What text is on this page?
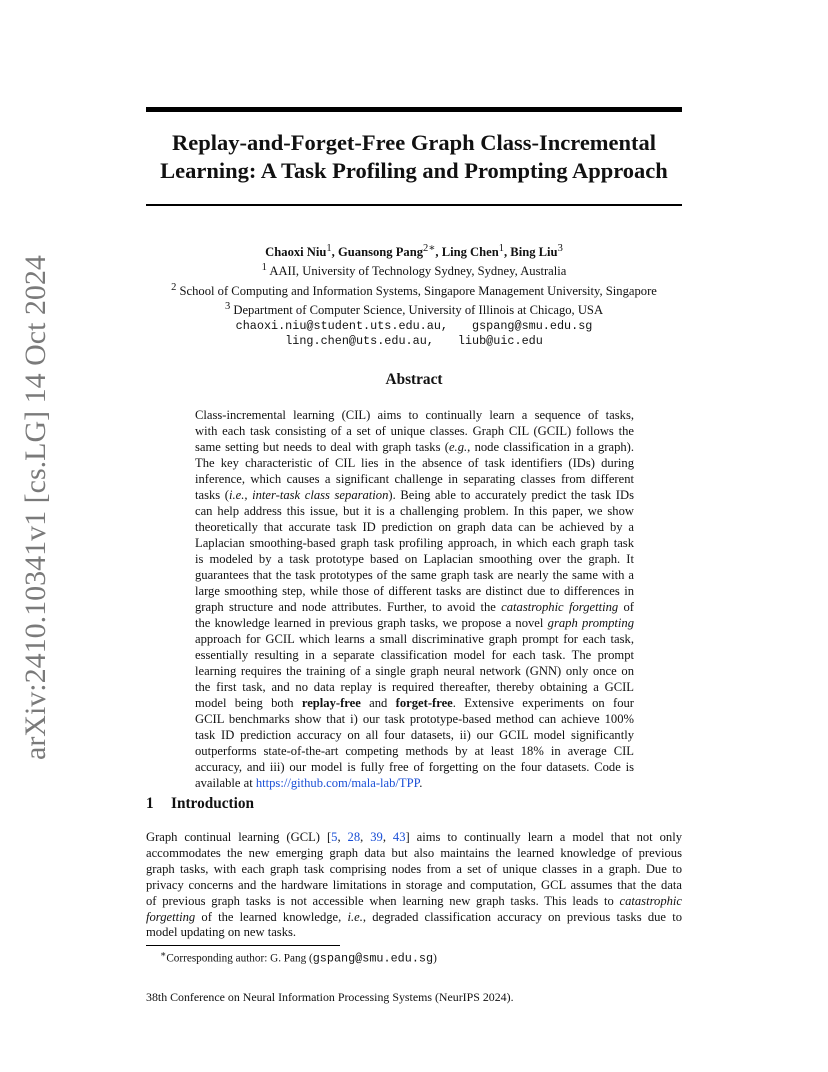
arXiv:2410.10341v1 [cs.LG] 14 Oct 2024
Replay-and-Forget-Free Graph Class-Incremental
Learning: A Task Profiling and Prompting Approach
Chaoxi Niu$^1$, Guansong Pang$^{2∗}$, Ling Chen$^1$, Bing Liu$^3$
$^1$ AAII, University of Technology Sydney, Sydney, Australia
$^2$ School of Computing and Information Systems, Singapore Management University, Singapore
$^3$ Department of Computer Science, University of Illinois at Chicago, USA
chaoxi.niu@student.uts.edu.au, gspang@smu.edu.sg
ling.chen@uts.edu.au, liub@uic.edu
Abstract
Class-incremental learning (CIL) aims to continually learn a sequence of tasks,
with each task consisting of a set of unique classes. Graph CIL (GCIL) follows the
same setting but needs to deal with graph tasks (e.g., node classification in a graph).
The key characteristic of CIL lies in the absence of task identifiers (IDs) during
inference, which causes a significant challenge in separating classes from different
tasks (i.e., inter-task class separation). Being able to accurately predict the task IDs
can help address this issue, but it is a challenging problem. In this paper, we show
theoretically that accurate task ID prediction on graph data can be achieved by a
Laplacian smoothing-based graph task profiling approach, in which each graph task
is modeled by a task prototype based on Laplacian smoothing over the graph. It
guarantees that the task prototypes of the same graph task are nearly the same with a
large smoothing step, while those of different tasks are distinct due to differences in
graph structure and node attributes. Further, to avoid the catastrophic forgetting of
the knowledge learned in previous graph tasks, we propose a novel graph prompting
approach for GCIL which learns a small discriminative graph prompt for each task,
essentially resulting in a separate classification model for each task. The prompt
learning requires the training of a single graph neural network (GNN) only once on
the first task, and no data replay is required thereafter, thereby obtaining a GCIL
model being both replay-free and forget-free. Extensive experiments on four
GCIL benchmarks show that i) our task prototype-based method can achieve 100%
task ID prediction accuracy on all four datasets, ii) our GCIL model significantly
outperforms state-of-the-art competing methods by at least 18% in average CIL
accuracy, and iii) our model is fully free of forgetting on the four datasets. Code is
available at https://github.com/mala-lab/TPP.
1 Introduction
Graph continual learning (GCL) [5, 28, 39, 43] aims to continually learn a model that not only
accommodates the new emerging graph data but also maintains the learned knowledge of previous
graph tasks, with each graph task comprising nodes from a set of unique classes in a graph. Due to
privacy concerns and the hardware limitations in storage and computation, GCL assumes that the data
of previous graph tasks is not accessible when learning new graph tasks. This leads to catastrophic
forgetting of the learned knowledge, i.e., degraded classification accuracy on previous tasks due to
model updating on new tasks.
∗Corresponding author: G. Pang (gspang@smu.edu.sg)
38th Conference on Neural Information Processing Systems (NeurIPS 2024).
